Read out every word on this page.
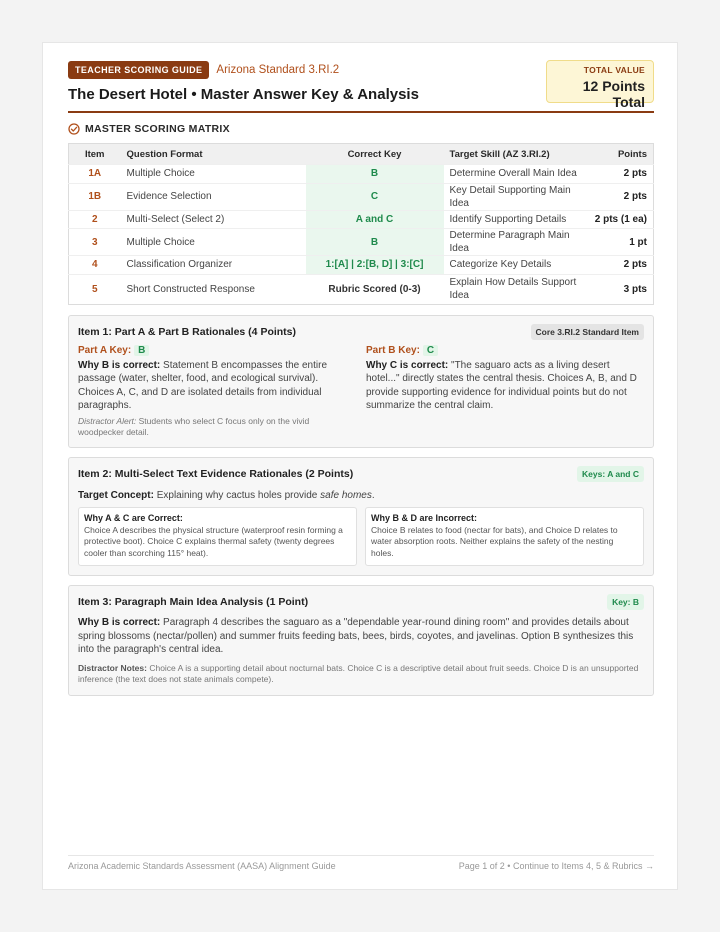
TEACHER SCORING GUIDE	Arizona Standard 3.RI.2
The Desert Hotel • Master Answer Key & Analysis
TOTAL VALUE
12 Points Total
MASTER SCORING MATRIX
Item	Question Format	Correct Key	Target Skill (AZ 3.RI.2)	Points
1A	Multiple Choice	B	Determine Overall Main Idea	2 pts
1B	Evidence Selection	C	Key Detail Supporting Main Idea	2 pts
2	Multi-Select (Select 2)	A and C	Identify Supporting Details	2 pts (1 ea)
3	Multiple Choice	B	Determine Paragraph Main Idea	1 pt
4	Classification Organizer	1:[A] | 2:[B, D] | 3:[C]	Categorize Key Details	2 pts
5	Short Constructed Response	Rubric Scored (0-3)	Explain How Details Support Idea	3 pts
Item 1: Part A & Part B Rationales (4 Points)	Core 3.RI.2 Standard Item
Part A Key: B
Why B is correct: Statement B encompasses the entire passage (water, shelter, food, and ecological survival). Choices A, C, and D are isolated details from individual paragraphs.
Distractor Alert: Students who select C focus only on the vivid woodpecker detail.
Part B Key: C
Why C is correct: "The saguaro acts as a living desert hotel..." directly states the central thesis. Choices A, B, and D provide supporting evidence for individual points but do not summarize the central claim.
Item 2: Multi-Select Text Evidence Rationales (2 Points)	Keys: A and C
Target Concept: Explaining why cactus holes provide safe homes.
Why A & C are Correct:
Choice A describes the physical structure (waterproof resin forming a protective boot). Choice C explains thermal safety (twenty degrees cooler than scorching 115° heat).
Why B & D are Incorrect:
Choice B relates to food (nectar for bats), and Choice D relates to water absorption roots. Neither explains the safety of the nesting holes.
Item 3: Paragraph Main Idea Analysis (1 Point)	Key: B
Why B is correct: Paragraph 4 describes the saguaro as a "dependable year-round dining room" and provides details about spring blossoms (nectar/pollen) and summer fruits feeding bats, bees, birds, coyotes, and javelinas. Option B synthesizes this into the paragraph's central idea.
Distractor Notes: Choice A is a supporting detail about nocturnal bats. Choice C is a descriptive detail about fruit seeds. Choice D is an unsupported inference (the text does not state animals compete).
Arizona Academic Standards Assessment (AASA) Alignment Guide	Page 1 of 2 • Continue to Items 4, 5 & Rubrics →
